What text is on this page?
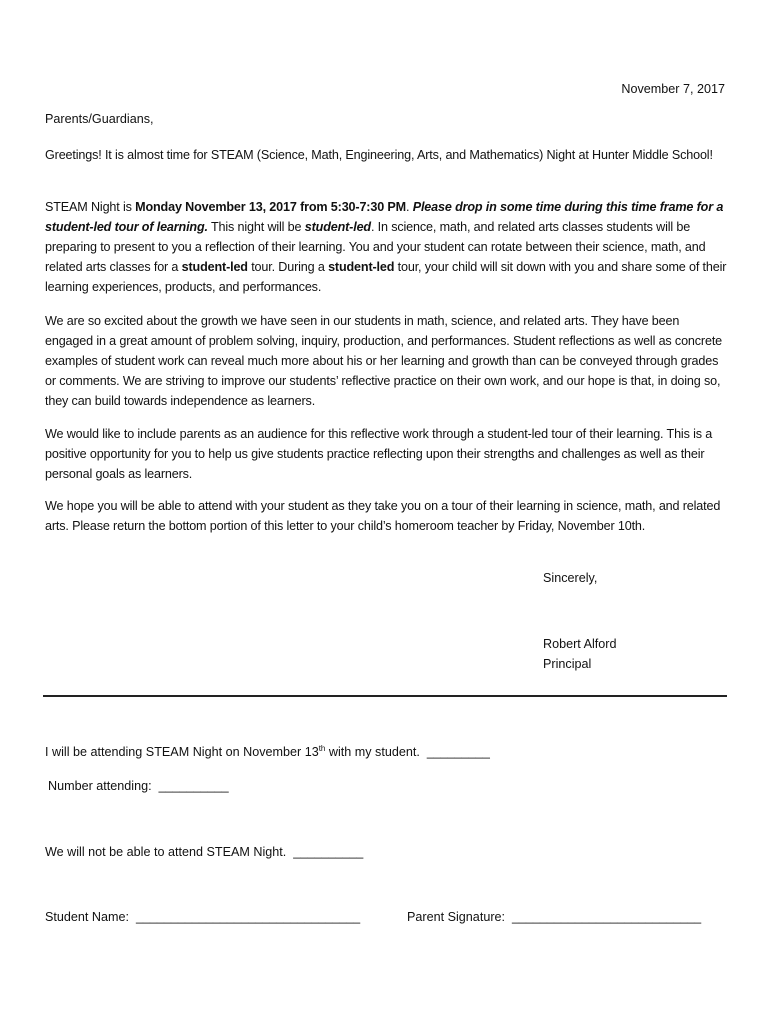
November 7, 2017
Parents/Guardians,

Greetings! It is almost time for STEAM (Science, Math, Engineering, Arts, and Mathematics) Night at Hunter Middle School!

STEAM Night is Monday November 13, 2017 from 5:30-7:30 PM. Please drop in some time during this time frame for a student-led tour of learning. This night will be student-led. In science, math, and related arts classes students will be preparing to present to you a reflection of their learning. You and your student can rotate between their science, math, and related arts classes for a student-led tour. During a student-led tour, your child will sit down with you and share some of their learning experiences, products, and performances.

We are so excited about the growth we have seen in our students in math, science, and related arts. They have been engaged in a great amount of problem solving, inquiry, production, and performances. Student reflections as well as concrete examples of student work can reveal much more about his or her learning and growth than can be conveyed through grades or comments. We are striving to improve our students’ reflective practice on their own work, and our hope is that, in doing so, they can build towards independence as learners.

We would like to include parents as an audience for this reflective work through a student-led tour of their learning. This is a positive opportunity for you to help us give students practice reflecting upon their strengths and challenges as well as their personal goals as learners.

We hope you will be able to attend with your student as they take you on a tour of their learning in science, math, and related arts. Please return the bottom portion of this letter to your child’s homeroom teacher by Friday, November 10th.

Sincerely,
Robert Alford
Principal
I will be attending STEAM Night on November 13th with my student.  _________
Number attending:  __________
We will not be able to attend STEAM Night.  __________
Student Name:  ________________________________	Parent Signature:  ___________________________
